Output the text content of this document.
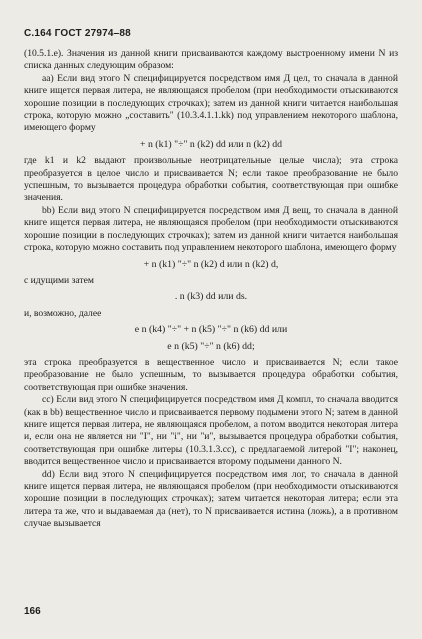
С.164 ГОСТ 27974–88

(10.5.1.е). Значения из данной книги присваиваются каждому выстроенному имени N из списка данных следующим образом:

aa) Если вид этого N специфицируется посредством имя Д цел, то сначала в данной книге ищется первая литера, не являющаяся пробелом (при необходимости отыскиваются хорошие позиции в последующих строчках); затем из данной книги читается наибольшая строка, которую можно „составить" (10.3.4.1.1.kk) под управлением некоторого шаблона, имеющего форму

+ n (k1) "÷" n (k2) dd или n (k2) dd

где k1 и k2 выдают произвольные неотрицательные целые числа); эта строка преобразуется в целое число и присваивается N; если такое преобразование не было успешным, то вызывается процедура обработки события, соответствующая при ошибке значения.

bb) Если вид этого N специфицируется посредством имя Д вещ, то сначала в данной книге ищется первая литера, не являющаяся пробелом (при необходимости отыскиваются хорошие позиции в последующих строчках); затем из данной книги читается наибольшая строка, которую можно составить под управлением некоторого шаблона, имеющего форму

+ n (k1) "÷" n (k2) d или n (k2) d,

с идущими затем

. n (k3) dd или ds.

и, возможно, далее

e n (k4) "÷" + n (k5) "÷" n (k6) dd или
e n (k5) "÷" n (k6) dd;

эта строка преобразуется в вещественное число и присваивается N; если такое преобразование не было успешным, то вызывается процедура обработки события, соответствующая при ошибке значения.

cc) Если вид этого N специфицируется посредством имя Д компл, то сначала вводится (как в bb) вещественное число и присваивается первому подымени этого N; затем в данной книге ищется первая литера, не являющаяся пробелом, а потом вводится некоторая литера и, если она не является ни "I", ни "i", ни "и", вызывается процедура обработки события, соответствующая при ошибке литеры (10.3.1.3.cc), с предлагаемой литерой "I"; наконец, вводится вещественное число и присваивается второму подымени данного N.

dd) Если вид этого N специфицируется посредством имя лог, то сначала в данной книге ищется первая литера, не являющаяся пробелом (при необходимости отыскиваются хорошие позиции в последующих строчках); затем читается некоторая литера; если эта литера та же, что и выдаваемая да (нет), то N присваивается истина (ложь), а в противном случае вызывается

166
